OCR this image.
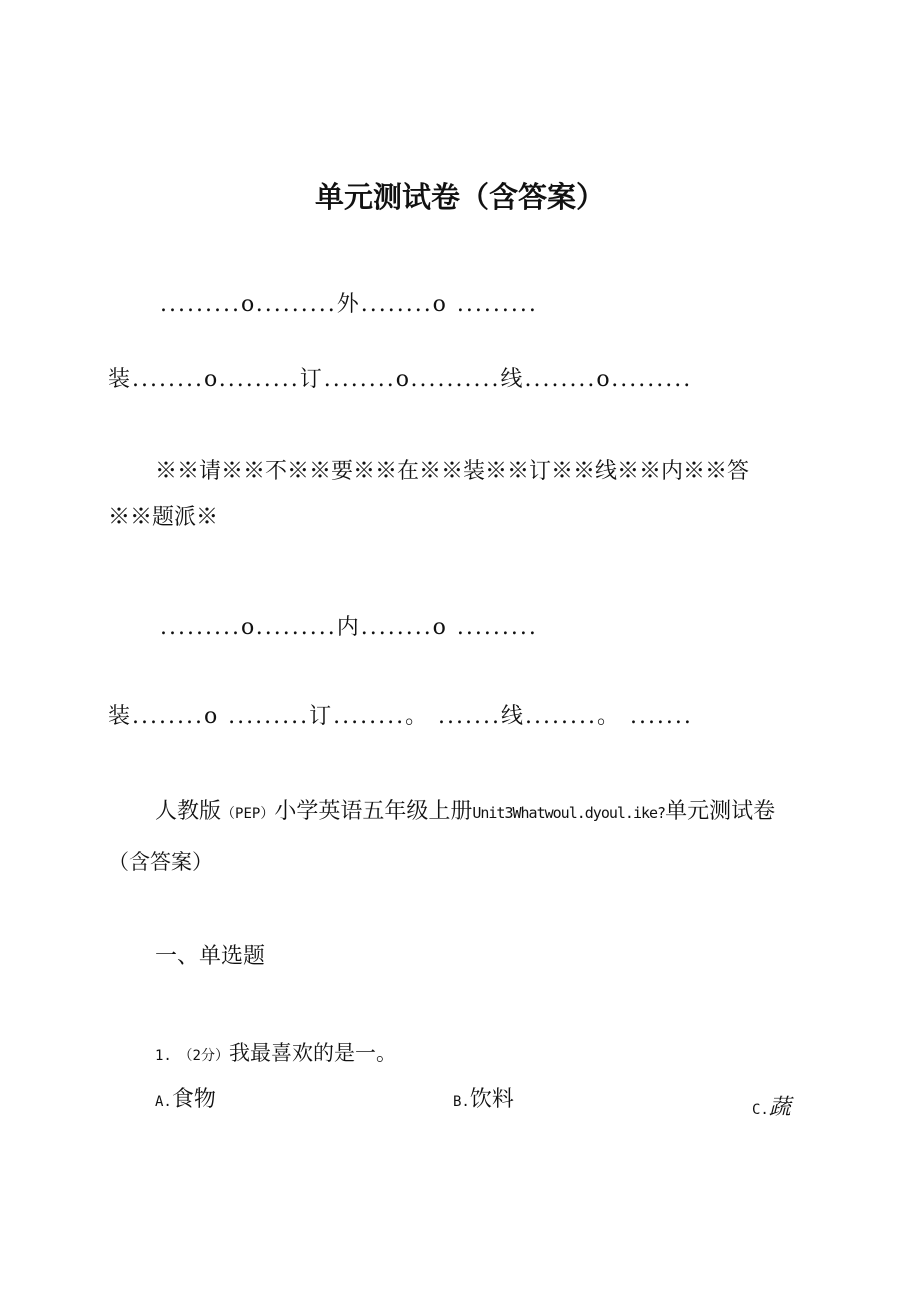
单元测试卷（含答案）
.........o.........外........o .........
装........o.........订........o..........线........o.........
※※请※※不※※要※※在※※装※※订※※线※※内※※答
※※题派※
.........o.........内........o .........
装........o .........订........。 .......线........。 .......
人教版（PEP）小学英语五年级上册Unit3Whatwoul.dyoul.ike?单元测试卷
（含答案）
一、单选题
1. （2分）我最喜欢的是一。
A.食物	B.饮料	C.蔬
